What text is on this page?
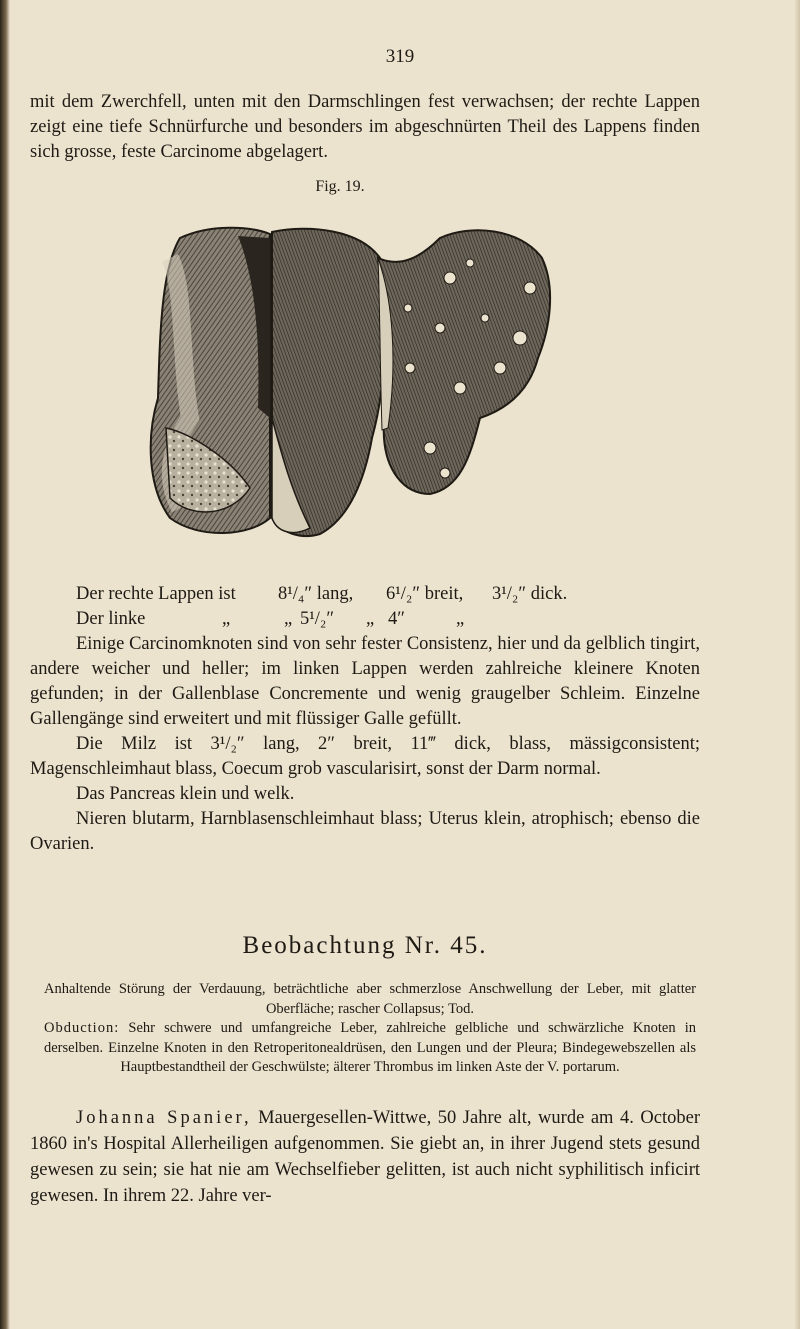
319

mit dem Zwerchfell, unten mit den Darmschlingen fest verwachsen; der rechte Lappen zeigt eine tiefe Schnürfurche und besonders im abgeschnürten Theil des Lappens finden sich grosse, feste Carcinome abgelagert.

Fig. 19.
Der rechte Lappen ist 8¹/₄″ lang, 6¹/₂″ breit, 3¹/₂″ dick.
Der linke	„	„ 5¹/₂″ „ 4″	„

Einige Carcinomknoten sind von sehr fester Consistenz, hier und da gelblich tingirt, andere weicher und heller; im linken Lappen werden zahlreiche kleinere Knoten gefunden; in der Gallenblase Concremente und wenig graugelber Schleim. Einzelne Gallengänge sind erweitert und mit flüssiger Galle gefüllt.

Die Milz ist 3¹/₂″ lang, 2″ breit, 11‴ dick, blass, mässigconsistent; Magenschleimhaut blass, Coecum grob vascularisirt, sonst der Darm normal.

Das Pancreas klein und welk.

Nieren blutarm, Harnblasenschleimhaut blass; Uterus klein, atrophisch; ebenso die Ovarien.

Beobachtung Nr. 45.

Anhaltende Störung der Verdauung, beträchtliche aber schmerzlose Anschwellung der Leber, mit glatter Oberfläche; rascher Collapsus; Tod.

Obduction: Sehr schwere und umfangreiche Leber, zahlreiche gelbliche und schwärzliche Knoten in derselben. Einzelne Knoten in den Retroperitonealdrüsen, den Lungen und der Pleura; Bindegewebszellen als Hauptbestandtheil der Geschwülste; älterer Thrombus im linken Aste der V. portarum.

Johanna Spanier, Mauergesellen-Wittwe, 50 Jahre alt, wurde am 4. October 1860 in's Hospital Allerheiligen aufgenommen. Sie giebt an, in ihrer Jugend stets gesund gewesen zu sein; sie hat nie am Wechselfieber gelitten, ist auch nicht syphilitisch inficirt gewesen. In ihrem 22. Jahre ver-
